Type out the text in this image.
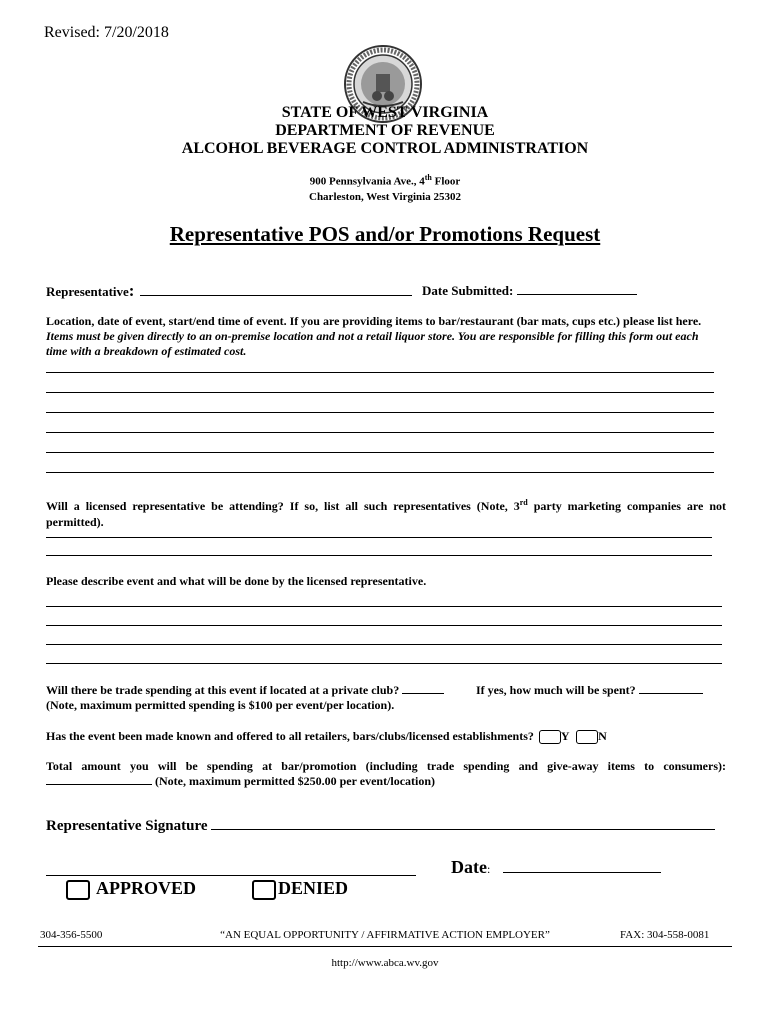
Revised: 7/20/2018
STATE OF WEST VIRGINIA
DEPARTMENT OF REVENUE
ALCOHOL BEVERAGE CONTROL ADMINISTRATION
900 Pennsylvania Ave., 4th Floor
Charleston, West Virginia 25302
Representative POS and/or Promotions Request
Representative:	Date Submitted:
Location, date of event, start/end time of event. If you are providing items to bar/restaurant (bar mats, cups etc.) please list here. Items must be given directly to an on-premise location and not a retail liquor store. You are responsible for filling this form out each time with a breakdown of estimated cost.
Will a licensed representative be attending? If so, list all such representatives (Note, 3rd party marketing companies are not permitted).
Please describe event and what will be done by the licensed representative.
Will there be trade spending at this event if located at a private club?	If yes, how much will be spent?
(Note, maximum permitted spending is $100 per event/per location).
Has the event been made known and offered to all retailers, bars/clubs/licensed establishments? Y N
Total amount you will be spending at bar/promotion (including trade spending and give-away items to consumers):
(Note, maximum permitted $250.00 per event/location)
Representative Signature
Date:
APPROVED	DENIED
304-356-5500	“AN EQUAL OPPORTUNITY / AFFIRMATIVE ACTION EMPLOYER”	FAX: 304-558-0081
http://www.abca.wv.gov
